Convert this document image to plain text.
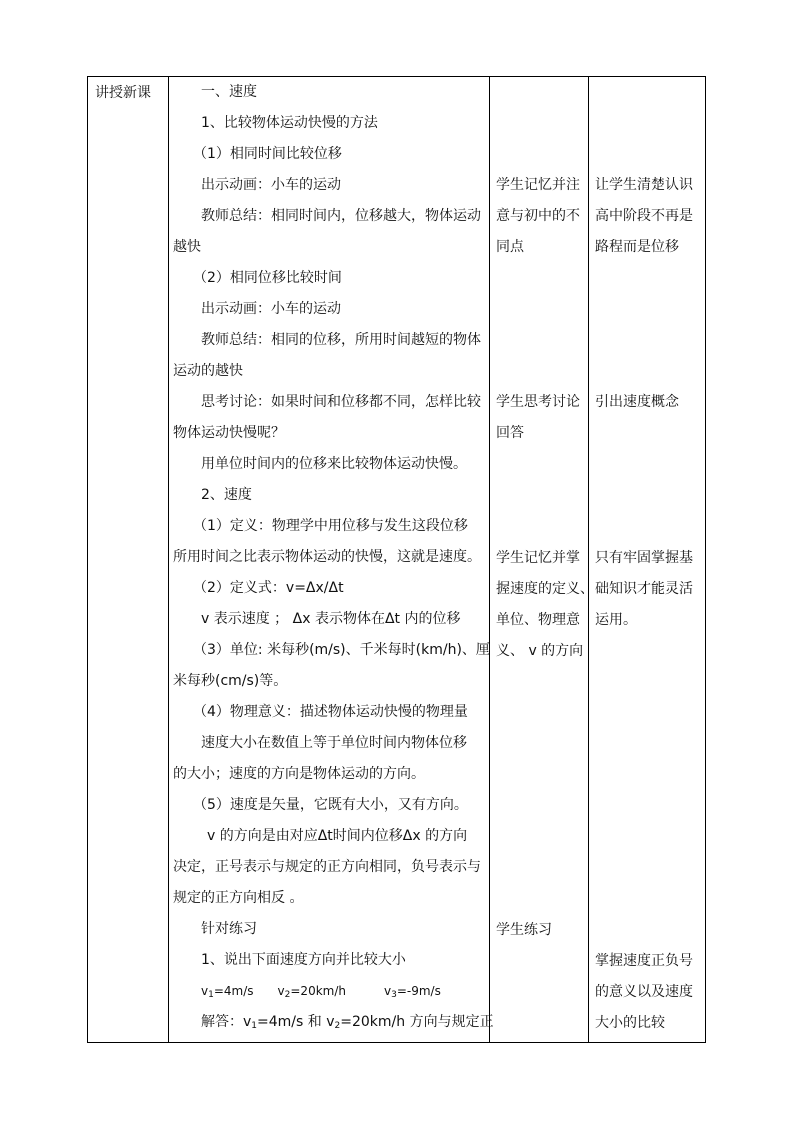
讲授新课	一、速度
1、比较物体运动快慢的方法
（1）相同时间比较位移
出示动画：小车的运动
教师总结：相同时间内，位移越大，物体运动
越快
（2）相同位移比较时间
出示动画：小车的运动
教师总结：相同的位移，所用时间越短的物体
运动的越快
思考讨论：如果时间和位移都不同，怎样比较
物体运动快慢呢？
用单位时间内的位移来比较物体运动快慢。
2、速度
（1）定义：物理学中用位移与发生这段位移
所用时间之比表示物体运动的快慢，这就是速度。
（2）定义式：v=Δx/Δt
v 表示速度 ； Δx 表示物体在Δt 内的位移
（3）单位: 米每秒(m/s)、千米每时(km/h)、厘
米每秒(cm/s)等。
（4）物理意义：描述物体运动快慢的物理量
速度大小在数值上等于单位时间内物体位移
的大小；速度的方向是物体运动的方向。
（5）速度是矢量，它既有大小，又有方向。
v 的方向是由对应Δt时间内位移Δx 的方向
决定，正号表示与规定的正方向相同，负号表示与
规定的正方向相反 。
针对练习
1、说出下面速度方向并比较大小
$v_1=4m/s$ $v_2=20km/h$	$v_3=-9m/s$
解答：$v_1=4m/s$ 和 $v_2=20km/h$ 方向与规定正
学生记忆并注
意与初中的不
同点
学生思考讨论
回答
学生记忆并掌
握速度的定义、
单位、物理意
义、 v 的方向
学生练习
让学生清楚认识
高中阶段不再是
路程而是位移
引出速度概念
只有牢固掌握基
础知识才能灵活
运用。
掌握速度正负号
的意义以及速度
大小的比较
